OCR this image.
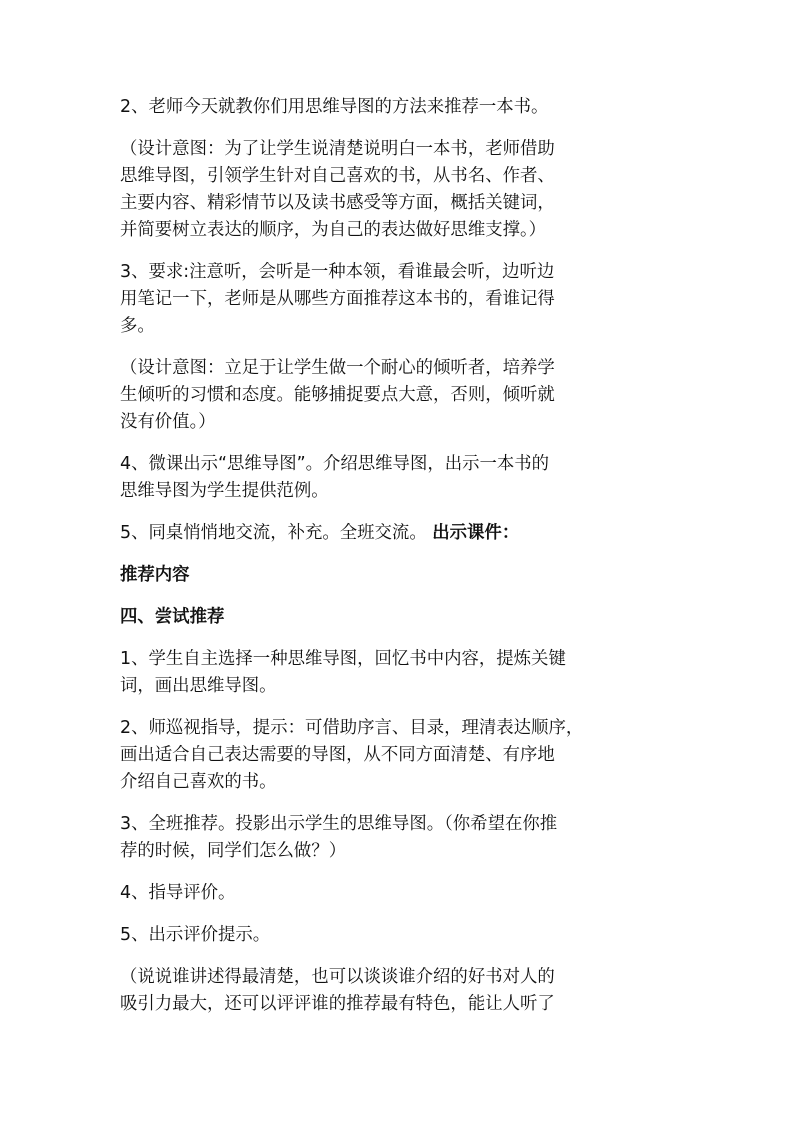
2、老师今天就教你们用思维导图的方法来推荐一本书。

（设计意图：为了让学生说清楚说明白一本书，老师借助
思维导图，引领学生针对自己喜欢的书，从书名、作者、
主要内容、精彩情节以及读书感受等方面，概括关键词，
并简要树立表达的顺序，为自己的表达做好思维支撑。）

3、要求:注意听，会听是一种本领，看谁最会听，边听边
用笔记一下，老师是从哪些方面推荐这本书的，看谁记得
多。

（设计意图：立足于让学生做一个耐心的倾听者，培养学
生倾听的习惯和态度。能够捕捉要点大意，否则，倾听就
没有价值。）

4、微课出示“思维导图”。介绍思维导图，出示一本书的
思维导图为学生提供范例。

5、同桌悄悄地交流，补充。全班交流。 出示课件：

推荐内容

四、尝试推荐

1、学生自主选择一种思维导图，回忆书中内容，提炼关键
词，画出思维导图。

2、师巡视指导，提示：可借助序言、目录，理清表达顺序，
画出适合自己表达需要的导图，从不同方面清楚、有序地
介绍自己喜欢的书。

3、全班推荐。投影出示学生的思维导图。（你希望在你推
荐的时候，同学们怎么做？）

4、指导评价。

5、出示评价提示。

（说说谁讲述得最清楚，也可以谈谈谁介绍的好书对人的
吸引力最大，还可以评评谁的推荐最有特色，能让人听了
